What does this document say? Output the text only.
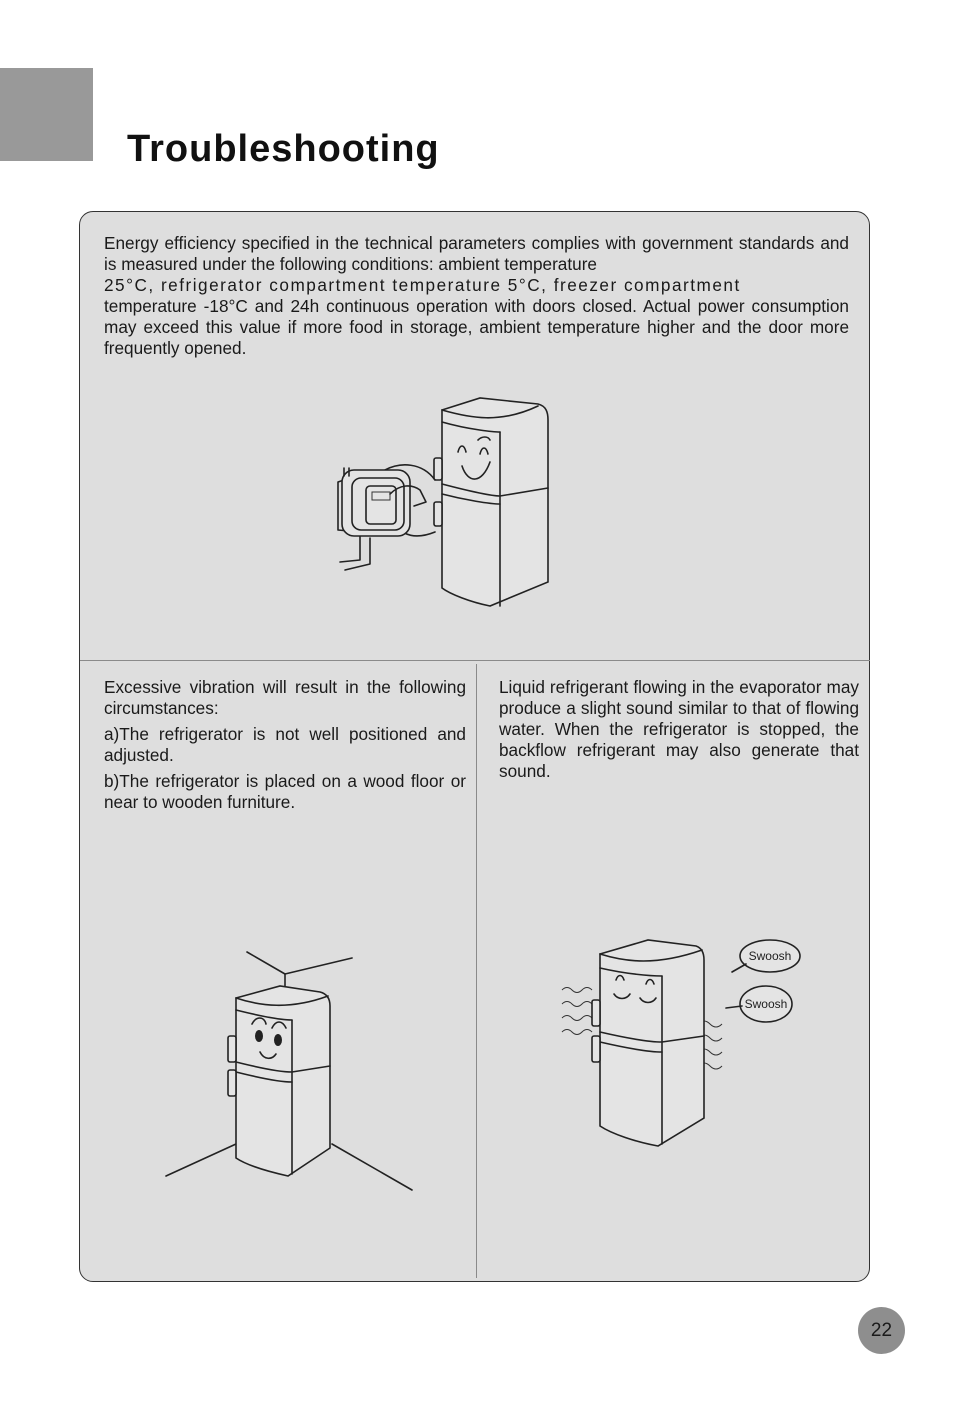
Troubleshooting

Energy efficiency specified in the technical parameters complies with government standards and is measured under the following conditions: ambient temperature

25°C, refrigerator compartment temperature 5°C, freezer compartment

temperature -18°C and 24h continuous operation with doors closed. Actual power consumption may exceed this value if more food in storage, ambient temperature higher and the door more frequently opened.

Excessive vibration will result in the following circumstances:

a)The refrigerator is not well positioned and adjusted.

b)The refrigerator is placed on a wood floor or near to wooden furniture.

Liquid refrigerant flowing in the evaporator may produce a slight sound similar to that of flowing water. When the refrigerator is stopped, the backflow refrigerant may also generate that sound.

Swoosh
Swoosh
22
